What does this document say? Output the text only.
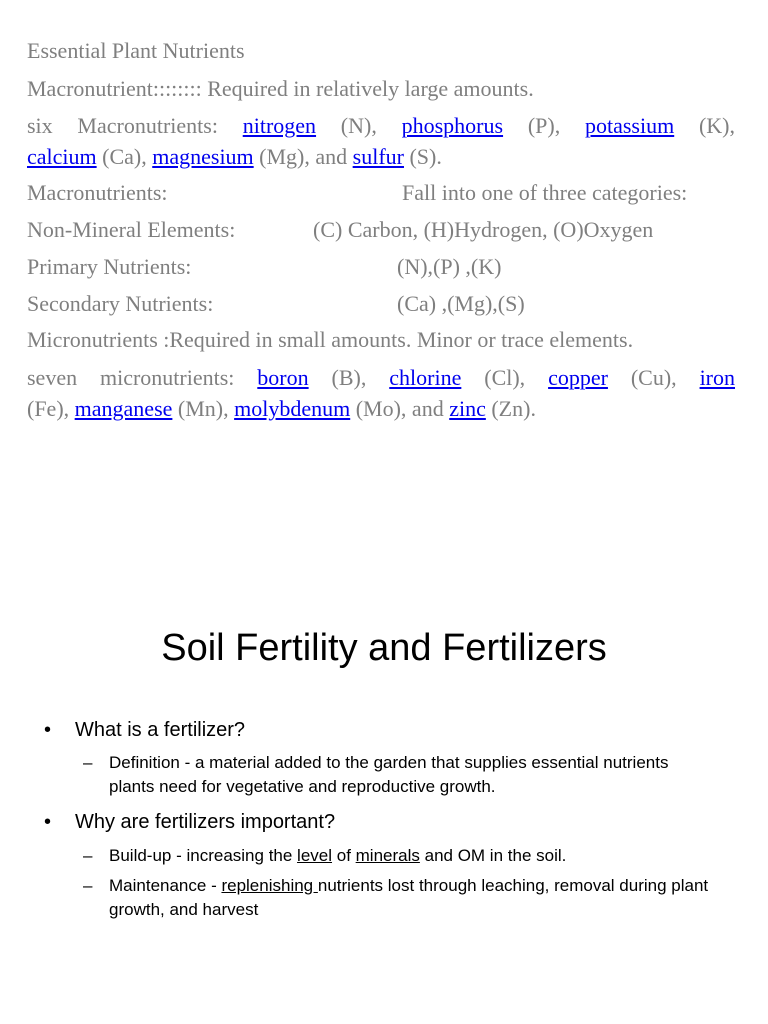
Essential Plant Nutrients
Macronutrient:::::::: Required in relatively large amounts.
six Macronutrients: nitrogen (N), phosphorus (P), potassium (K),
calcium (Ca), magnesium (Mg), and sulfur (S).
Macronutrients:	Fall into one of three categories:
Non-Mineral Elements:	(C) Carbon, (H)Hydrogen, (O)Oxygen
Primary Nutrients:	(N),(P) ,(K)
Secondary Nutrients:	(Ca) ,(Mg),(S)
Micronutrients :Required in small amounts. Minor or trace elements.
seven micronutrients: boron (B), chlorine (Cl), copper (Cu), iron
(Fe), manganese (Mn), molybdenum (Mo), and zinc (Zn).
Soil Fertility and Fertilizers
• What is a fertilizer?
– Definition - a material added to the garden that supplies essential nutrients plants need for vegetative and reproductive growth.
• Why are fertilizers important?
– Build-up - increasing the level of minerals and OM in the soil.
– Maintenance - replenishing nutrients lost through leaching, removal during plant growth, and harvest
